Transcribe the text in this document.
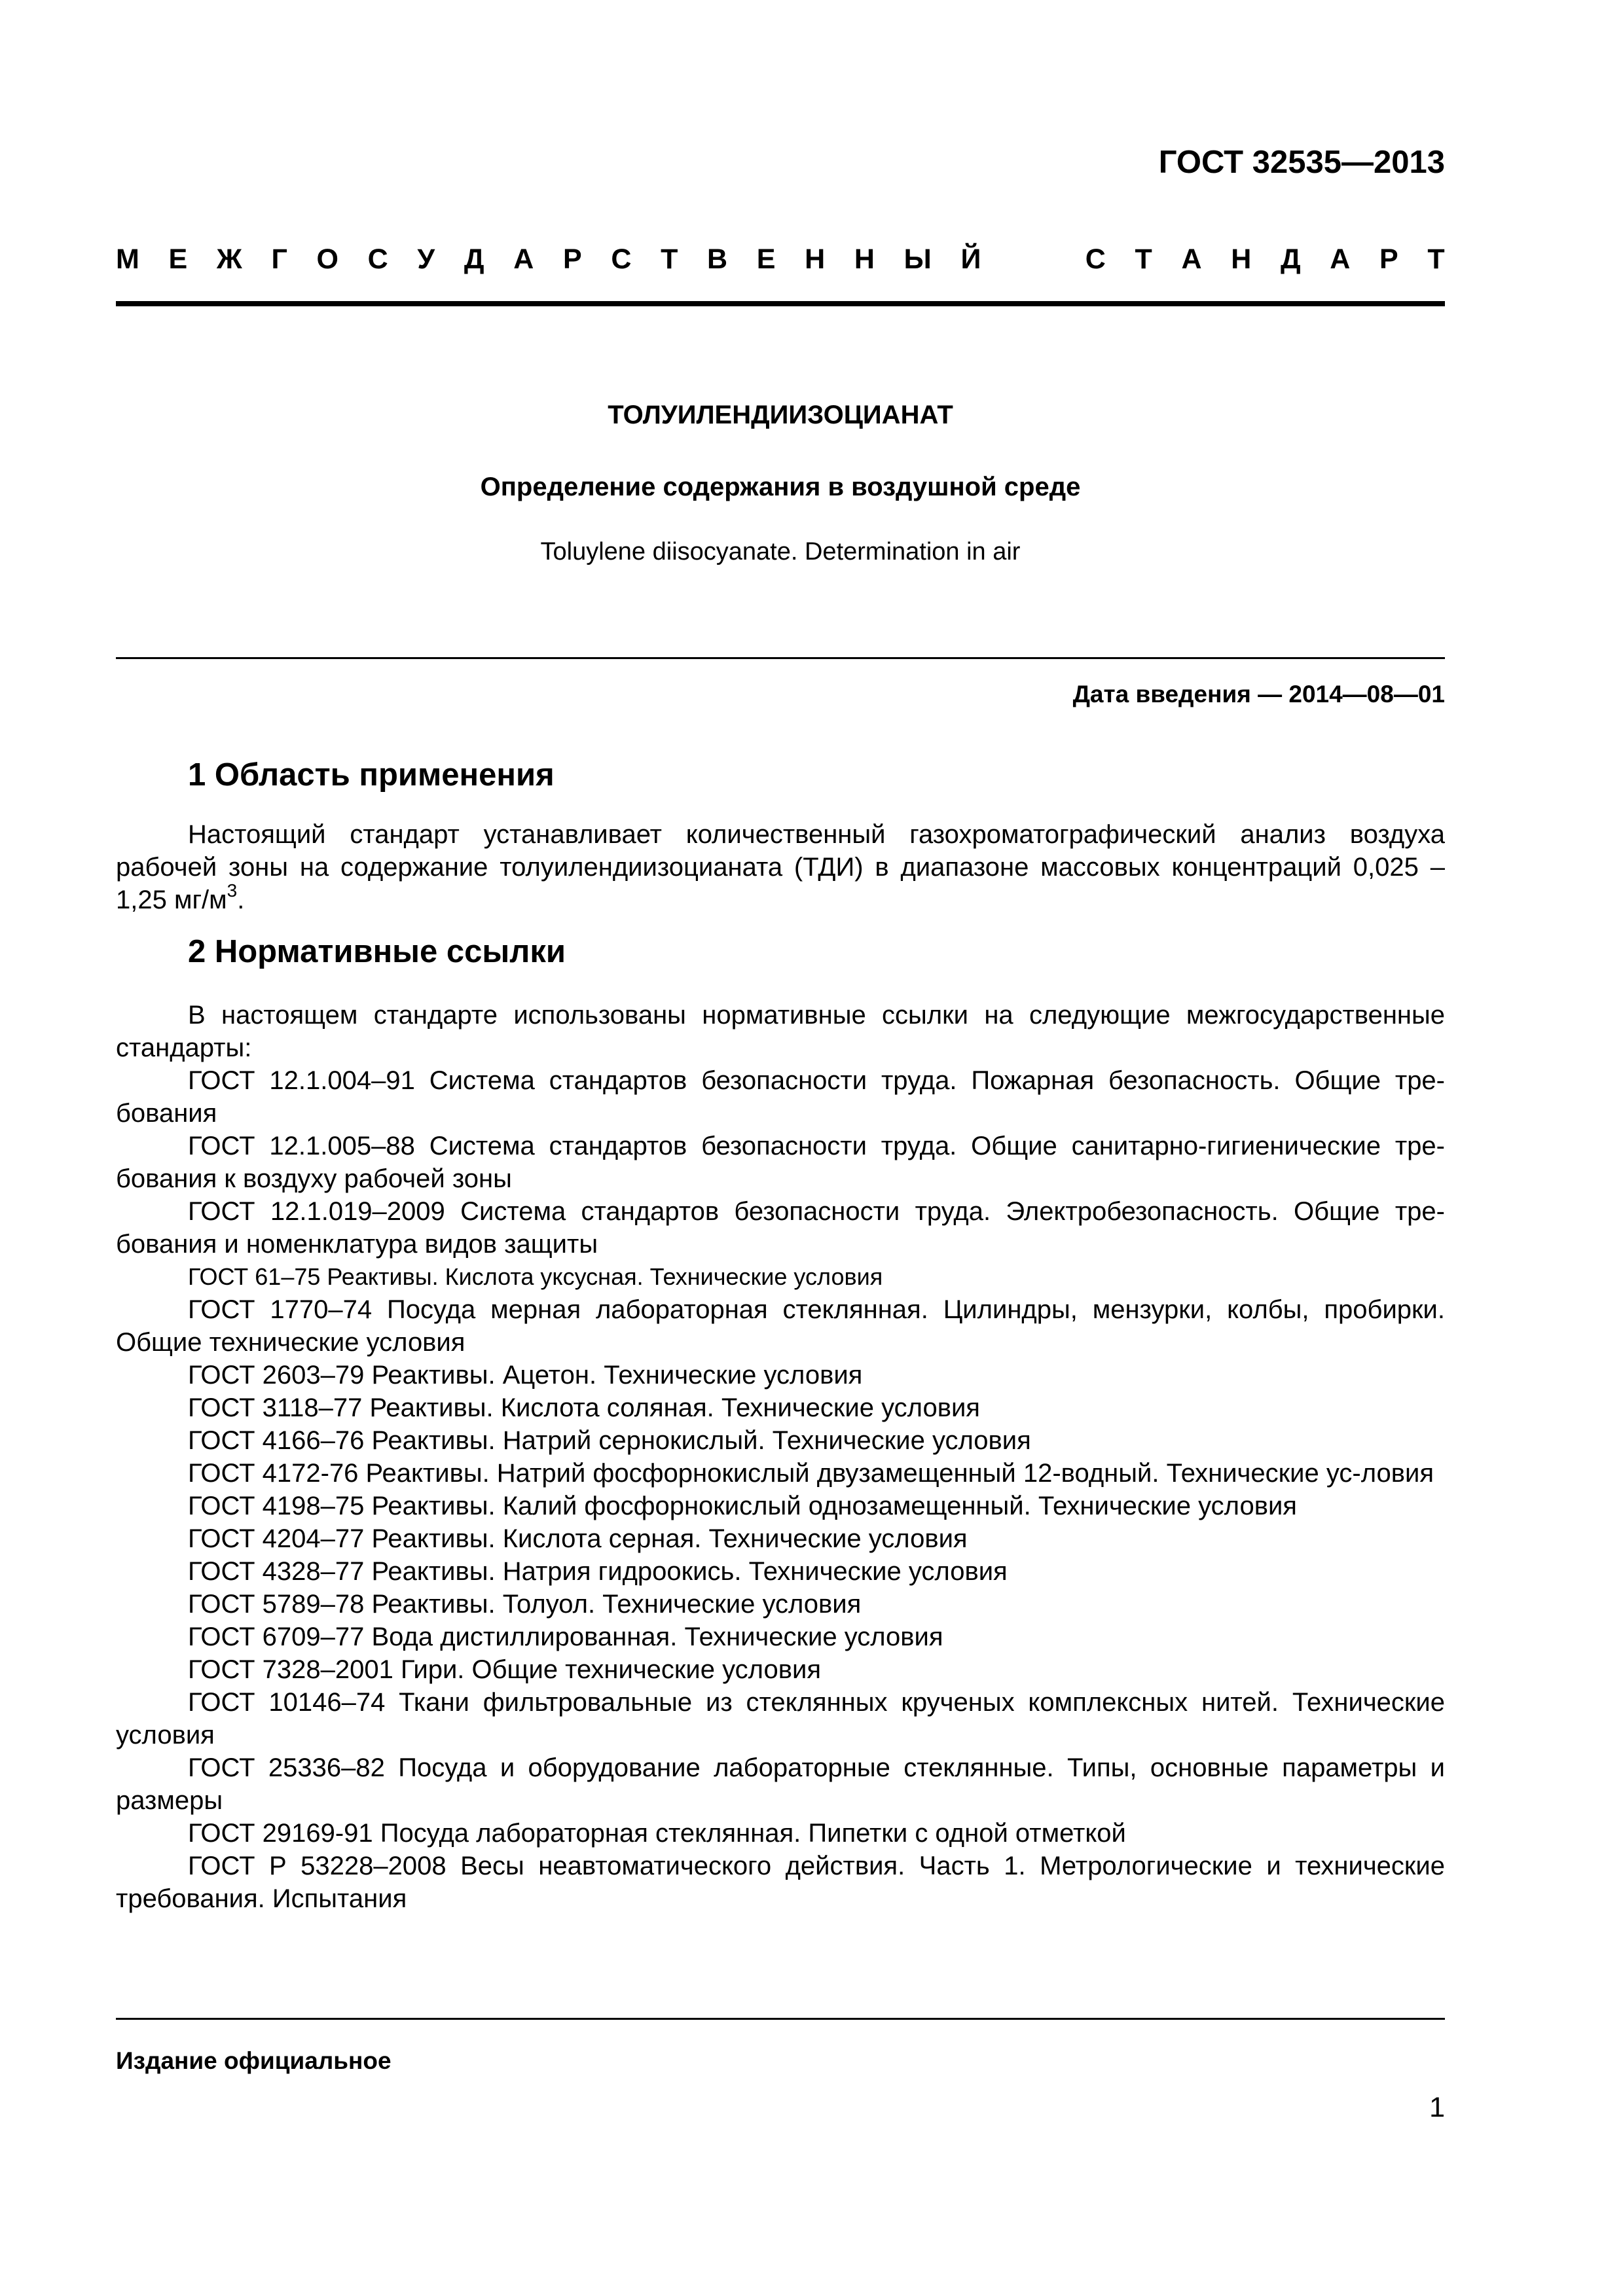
ГОСТ 32535—2013
М Е Ж Г О С У Д А Р С Т В Е Н Н Ы Й	С Т А Н Д А Р Т
ТОЛУИЛЕНДИИЗОЦИАНАТ
Определение содержания в воздушной среде
Toluylene diisocyanate. Determination in air
Дата введения — 2014—08—01
1 Область применения

Настоящий стандарт устанавливает количественный газохроматографический анализ воздуха рабочей зоны на содержание толуилендиизоцианата (ТДИ) в диапазоне массовых концентраций 0,025 – 1,25 $мг/м^3$.

2 Нормативные ссылки

В настоящем стандарте использованы нормативные ссылки на следующие межгосударственные стандарты:

ГОСТ 12.1.004–91 Система стандартов безопасности труда. Пожарная безопасность. Общие тре-бования

ГОСТ 12.1.005–88 Система стандартов безопасности труда. Общие санитарно-гигиенические тре-бования к воздуху рабочей зоны

ГОСТ 12.1.019–2009 Система стандартов безопасности труда. Электробезопасность. Общие тре-бования и номенклатура видов защиты

ГОСТ 61–75 Реактивы. Кислота уксусная. Технические условия

ГОСТ 1770–74 Посуда мерная лабораторная стеклянная. Цилиндры, мензурки, колбы, пробирки. Общие технические условия

ГОСТ 2603–79 Реактивы. Ацетон. Технические условия

ГОСТ 3118–77 Реактивы. Кислота соляная. Технические условия

ГОСТ 4166–76 Реактивы. Натрий сернокислый. Технические условия

ГОСТ 4172-76 Реактивы. Натрий фосфорнокислый двузамещенный 12-водный. Технические ус-ловия

ГОСТ 4198–75 Реактивы. Калий фосфорнокислый однозамещенный. Технические условия

ГОСТ 4204–77 Реактивы. Кислота серная. Технические условия

ГОСТ 4328–77 Реактивы. Натрия гидроокись. Технические условия

ГОСТ 5789–78 Реактивы. Толуол. Технические условия

ГОСТ 6709–77 Вода дистиллированная. Технические условия

ГОСТ 7328–2001 Гири. Общие технические условия

ГОСТ 10146–74 Ткани фильтровальные из стеклянных крученых комплексных нитей. Технические условия

ГОСТ 25336–82 Посуда и оборудование лабораторные стеклянные. Типы, основные параметры и размеры

ГОСТ 29169-91 Посуда лабораторная стеклянная. Пипетки с одной отметкой

ГОСТ Р 53228–2008 Весы неавтоматического действия. Часть 1. Метрологические и технические требования. Испытания

Издание официальное
1
